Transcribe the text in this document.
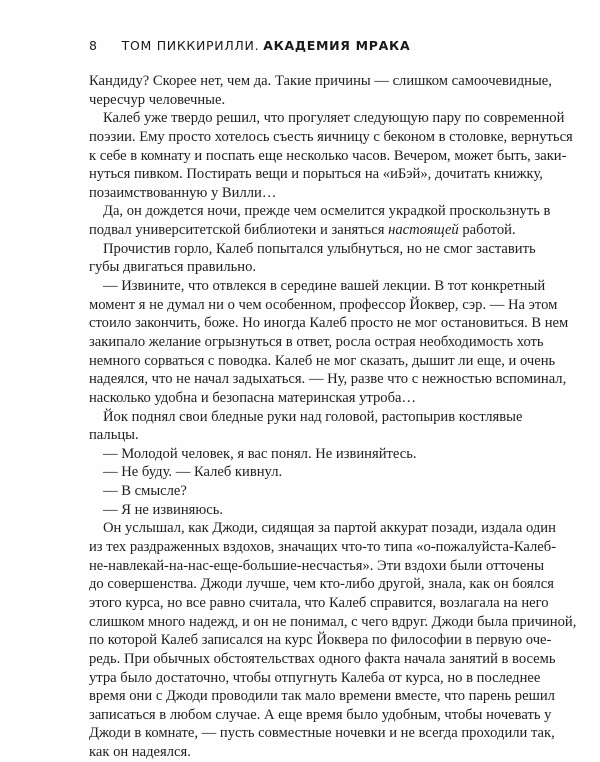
8 ТОМ ПИККИРИЛЛИ. АКАДЕМИЯ МРАКА
Кандиду? Скорее нет, чем да. Такие причины — слишком самоочевидные,
чересчур человечные.
Калеб уже твердо решил, что прогуляет следующую пару по современной
поэзии. Ему просто хотелось съесть яичницу с беконом в столовке, вернуться
к себе в комнату и поспать еще несколько часов. Вечером, может быть, заки-
нуться пивком. Постирать вещи и порыться на «иБэй», дочитать книжку,
позаимствованную у Вилли…
Да, он дождется ночи, прежде чем осмелится украдкой проскользнуть в
подвал университетской библиотеки и заняться настоящей работой.
Прочистив горло, Калеб попытался улыбнуться, но не смог заставить
губы двигаться правильно.
— Извините, что отвлекся в середине вашей лекции. В тот конкретный
момент я не думал ни о чем особенном, профессор Йоквер, сэр. — На этом
стоило закончить, боже. Но иногда Калеб просто не мог остановиться. В нем
закипало желание огрызнуться в ответ, росла острая необходимость хоть
немного сорваться с поводка. Калеб не мог сказать, дышит ли еще, и очень
надеялся, что не начал задыхаться. — Ну, разве что с нежностью вспоминал,
насколько удобна и безопасна материнская утроба…
Йок поднял свои бледные руки над головой, растопырив костлявые
пальцы.
— Молодой человек, я вас понял. Не извиняйтесь.
— Не буду. — Калеб кивнул.
— В смысле?
— Я не извиняюсь.
Он услышал, как Джоди, сидящая за партой аккурат позади, издала один
из тех раздраженных вздохов, значащих что-то типа «о-пожалуйста-Калеб-
не-навлекай-на-нас-еще-большие-несчастья». Эти вздохи были отточены
до совершенства. Джоди лучше, чем кто-либо другой, знала, как он боялся
этого курса, но все равно считала, что Калеб справится, возлагала на него
слишком много надежд, и он не понимал, с чего вдруг. Джоди была причиной,
по которой Калеб записался на курс Йоквера по философии в первую оче-
редь. При обычных обстоятельствах одного факта начала занятий в восемь
утра было достаточно, чтобы отпугнуть Калеба от курса, но в последнее
время они с Джоди проводили так мало времени вместе, что парень решил
записаться в любом случае. А еще время было удобным, чтобы ночевать у
Джоди в комнате, — пусть совместные ночевки и не всегда проходили так,
как он надеялся.
